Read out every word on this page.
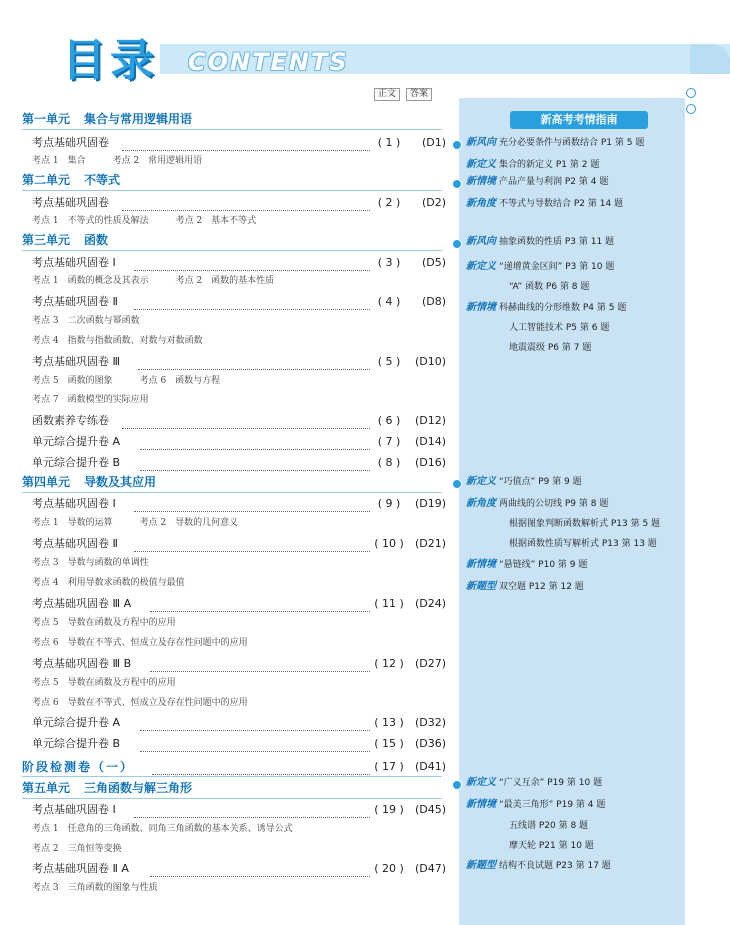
目录 CONTENTS
正文 答案
新高考考情指南
第一单元 集合与常用逻辑用语
考点基础巩固卷	( 1 )	(D1)
考点 1　集合　　　考点 2　常用逻辑用语
第二单元 不等式
考点基础巩固卷	( 2 )	(D2)
考点 1　不等式的性质及解法　　　考点 2　基本不等式
第三单元 函数
考点基础巩固卷 Ⅰ	( 3 )	(D5)
考点 1　函数的概念及其表示　　　考点 2　函数的基本性质
考点基础巩固卷 Ⅱ	( 4 )	(D8)
考点 3　二次函数与幂函数
考点 4　指数与指数函数、对数与对数函数
考点基础巩固卷 Ⅲ	( 5 )	(D10)
考点 5　函数的图象　　　考点 6　函数与方程
考点 7　函数模型的实际应用
函数素养专练卷	( 6 )	(D12)
单元综合提升卷 A	( 7 )	(D14)
单元综合提升卷 B	( 8 )	(D16)
第四单元 导数及其应用
考点基础巩固卷 Ⅰ	( 9 )	(D19)
考点 1　导数的运算　　　考点 2　导数的几何意义
考点基础巩固卷 Ⅱ	( 10 ) (D21)
考点 3　导数与函数的单调性
考点 4　利用导数求函数的极值与最值
考点基础巩固卷 Ⅲ A	( 11 ) (D24)
考点 5　导数在函数及方程中的应用
考点 6　导数在不等式、恒成立及存在性问题中的应用
考点基础巩固卷 Ⅲ B	( 12 ) (D27)
考点 5　导数在函数及方程中的应用
考点 6　导数在不等式、恒成立及存在性问题中的应用
单元综合提升卷 A	( 13 ) (D32)
单元综合提升卷 B	( 15 ) (D36)
阶段检测卷（一）	( 17 ) (D41)
第五单元 三角函数与解三角形
考点基础巩固卷 Ⅰ	( 19 ) (D45)
考点 1　任意角的三角函数、同角三角函数的基本关系、诱导公式
考点 2　三角恒等变换
考点基础巩固卷 Ⅱ A	( 20 ) (D47)
考点 3　三角函数的图象与性质
新风向 充分必要条件与函数结合 P1 第 5 题
新定义 集合的新定义 P1 第 2 题
新情境 产品产量与利润 P2 第 4 题
新角度 不等式与导数结合 P2 第 14 题
新风向 抽象函数的性质 P3 第 11 题
新定义 “递增黄金区间” P3 第 10 题
“A” 函数 P6 第 8 题
新情境 科赫曲线的分形维数 P4 第 5 题
人工智能技术 P5 第 6 题
地震震级 P6 第 7 题
新定义 “巧值点” P9 第 9 题
新角度 两曲线的公切线 P9 第 8 题
根据图象判断函数解析式 P13 第 5 题
根据函数性质写解析式 P13 第 13 题
新情境 “悬链线” P10 第 9 题
新题型 双空题 P12 第 12 题
新定义 “广义互余” P19 第 10 题
新情境 “最美三角形” P19 第 4 题
五线谱 P20 第 8 题
摩天轮 P21 第 10 题
新题型 结构不良试题 P23 第 17 题
